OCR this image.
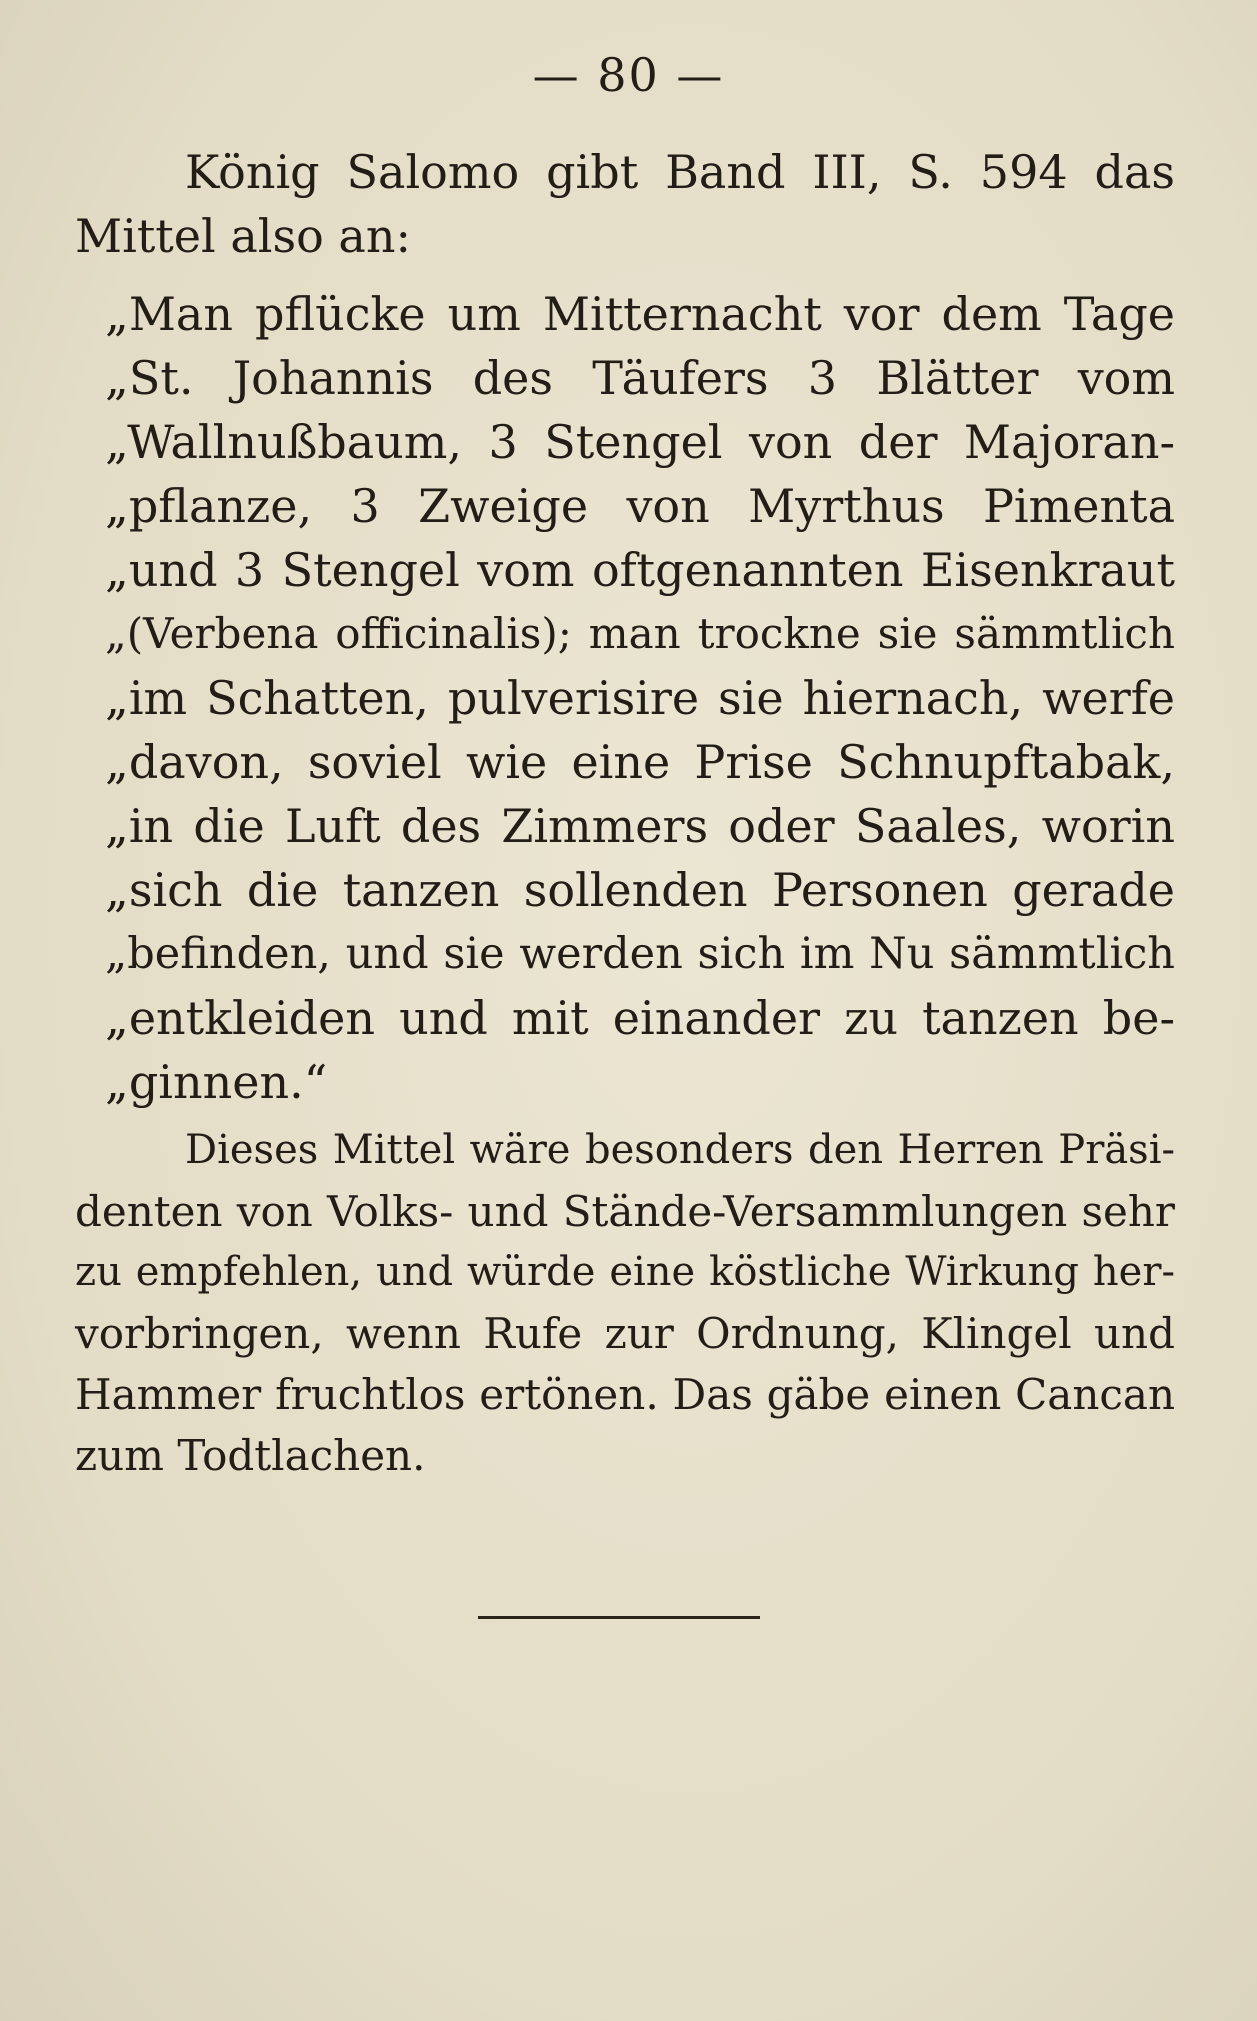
— 80 —
König Salomo gibt Band III, S. 594 das
Mittel also an:
„Man pflücke um Mitternacht vor dem Tage
„St. Johannis des Täufers 3 Blätter vom
„Wallnußbaum, 3 Stengel von der Majoran-
„pflanze, 3 Zweige von Myrthus Pimenta
„und 3 Stengel vom oftgenannten Eisenkraut
„(Verbena officinalis); man trockne sie sämmtlich
„im Schatten, pulverisire sie hiernach, werfe
„davon, soviel wie eine Prise Schnupftabak,
„in die Luft des Zimmers oder Saales, worin
„sich die tanzen sollenden Personen gerade
„befinden, und sie werden sich im Nu sämmtlich
„entkleiden und mit einander zu tanzen be-
„ginnen.“
Dieses Mittel wäre besonders den Herren Präsi-
denten von Volks- und Stände-Versammlungen sehr
zu empfehlen, und würde eine köstliche Wirkung her-
vorbringen, wenn Rufe zur Ordnung, Klingel und
Hammer fruchtlos ertönen. Das gäbe einen Cancan
zum Todtlachen.
